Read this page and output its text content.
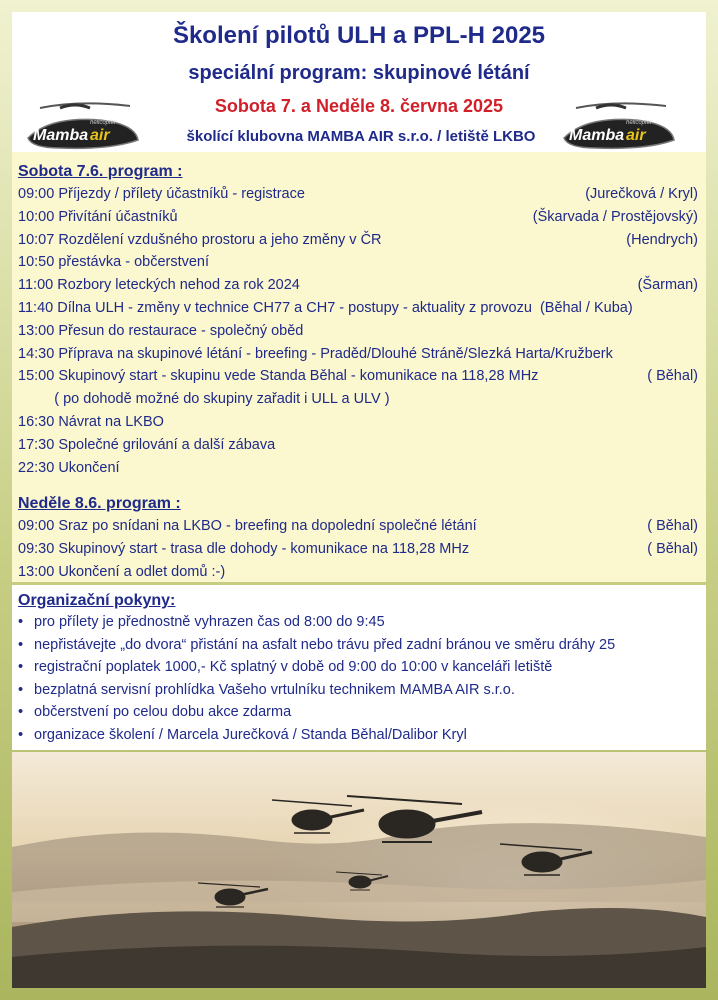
Školení pilotů ULH a PPL-H 2025
speciální program: skupinové létání
Sobota 7. a Neděle 8. června 2025
školící klubovna MAMBA AIR s.r.o. / letiště LKBO
Mamba air
helicopter
Mamba air
helicopter
Sobota 7.6. program :
09:00 Příjezdy / přílety účastníků - registrace	(Jurečková / Kryl)
10:00 Přivítání účastníků	(Škarvada / Prostějovský)
10:07 Rozdělení vzdušného prostoru a jeho změny v ČR	(Hendrych)
10:50 přestávka - občerstvení
11:00 Rozbory leteckých nehod za rok 2024	(Šarman)
11:40 Dílna ULH - změny v technice CH77 a CH7 - postupy - aktuality z provozu  (Běhal / Kuba)
13:00 Přesun do restaurace - společný oběd
14:30 Příprava na skupinové létání - breefing - Praděd/Dlouhé Stráně/Slezká Harta/Kružberk
15:00 Skupinový start - skupinu vede Standa Běhal - komunikace na 118,28 MHz	( Běhal)
( po dohodě možné do skupiny zařadit i ULL a ULV )
16:30 Návrat na LKBO
17:30 Společné grilování a další zábava
22:30 Ukončení
Neděle 8.6. program :
09:00 Sraz po snídani na LKBO - breefing na dopolední společné létání	( Běhal)
09:30 Skupinový start - trasa dle dohody - komunikace na 118,28 MHz	( Běhal)
13:00 Ukončení a odlet domů :-)
Organizační pokyny:
• pro přílety je přednostně vyhrazen čas od 8:00 do 9:45
• nepřistávejte „do dvora“ přistání na asfalt nebo trávu před zadní bránou ve směru dráhy 25
• registrační poplatek 1000,- Kč splatný v době od 9:00 do 10:00 v kanceláři letiště
• bezplatná servisní prohlídka Vašeho vrtulníku technikem MAMBA AIR s.r.o.
• občerstvení po celou dobu akce zdarma
• organizace školení / Marcela Jurečková / Standa Běhal/Dalibor Kryl
